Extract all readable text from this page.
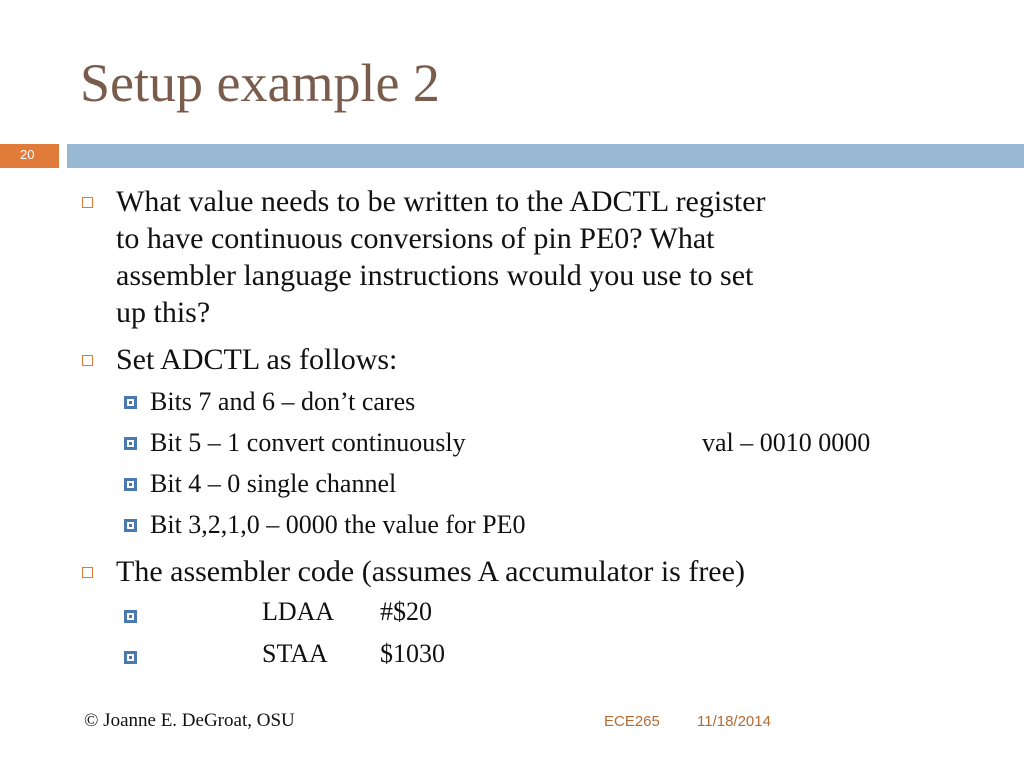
Setup example 2
20
What value needs to be written to the ADCTL register
to have continuous conversions of pin PE0? What
assembler language instructions would you use to set
up this?
Set ADCTL as follows:
Bits 7 and 6 – don’t cares
Bit 5 – 1 convert continuously	val – 0010 0000
Bit 4 – 0 single channel
Bit 3,2,1,0 – 0000 the value for PE0
The assembler code (assumes A accumulator is free)
LDAA #$20
STAA $1030
© Joanne E. DeGroat, OSU	ECE265 11/18/2014
